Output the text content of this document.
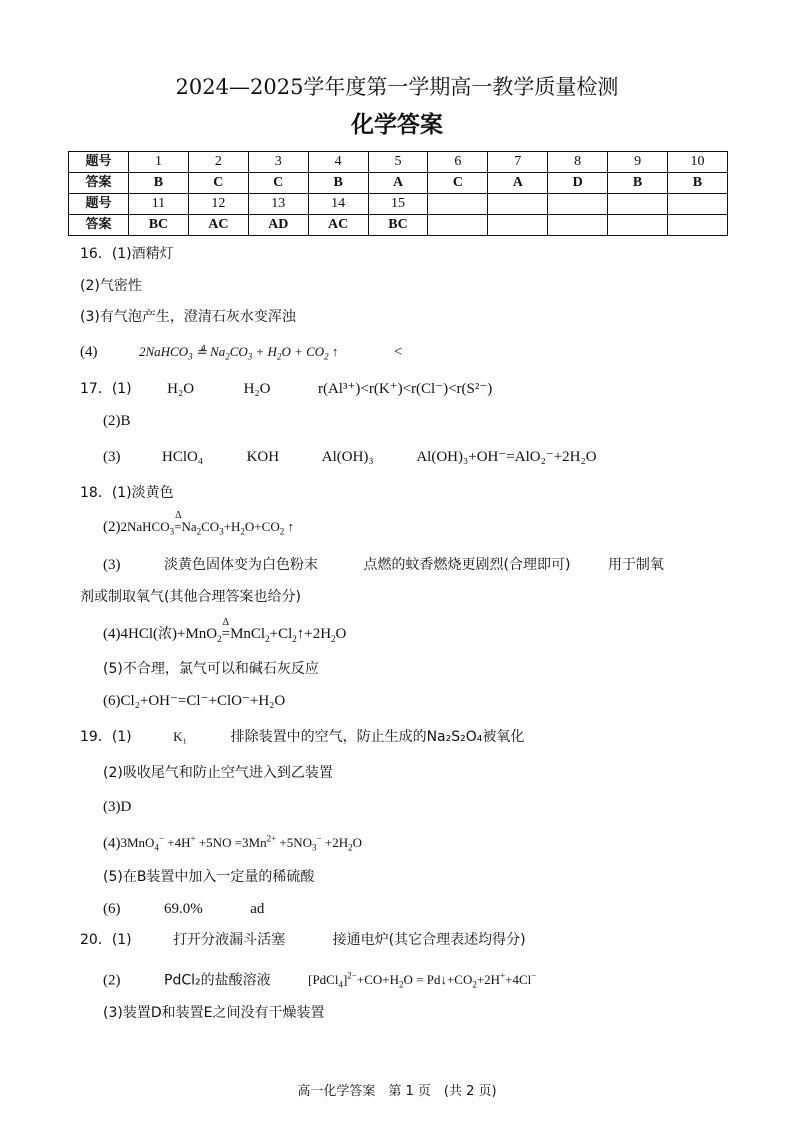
2024—2025学年度第一学期高一教学质量检测
化学答案
题号	1	2	3	4	5	6	7	8	9	10
答案	B	C	C	B	A	C	A	D	B	B
题号	11	12	13	14	15					
答案	BC	AC	AD	AC	BC					
16．(1)酒精灯
(2)气密性
(3)有气泡产生，澄清石灰水变浑浊
(4)	2NaHCO$_3$ ≜ $Na_2CO_3 + H_2O + CO_2$ ↑	<
17．(1) H₂O	H₂O	r(Al³⁺)<r(K⁺)<r(Cl⁻)<r(S²⁻)
(2)B
(3)	HClO₄	KOH	Al(OH)₃	Al(OH)₃+OH⁻=AlO₂⁻+2H₂O
18．(1)淡黄色
(2)2NaHCO$_3$=
Δ
$Na_2CO_3+H_2O+CO_2$ ↑
(3)	淡黄色固体变为白色粉末	点燃的蚊香燃烧更剧烈(合理即可)	用于制氧
剂或制取氧气(其他合理答案也给分)
(4)4HCl(浓)+MnO$_2$=
Δ
$MnCl_2+Cl_2↑+2H_2O$
(5)不合理，氯气可以和碱石灰反应
(6)Cl₂+OH⁻=Cl⁻+ClO⁻+H₂O
19．(1)	K₁	排除装置中的空气，防止生成的Na₂S₂O₄被氧化
(2)吸收尾气和防止空气进入到乙装置
(3)D
$(4)3MnO_4^- +4H^+ +5NO =3Mn^{2+} +5NO_3^- +2H_2O$
(5)在B装置中加入一定量的稀硫酸
(6)	69.0%	ad
20．(1)	打开分液漏斗活塞	接通电炉(其它合理表述均得分)
(2)	PdCl₂的盐酸溶液	$[PdCl_4]^{2-}+CO+H_2O$ = $Pd↓+CO_2+2H^++4Cl^-$
(3)装置D和装置E之间没有干燥装置
高一化学答案　第 1 页　(共 2 页)
